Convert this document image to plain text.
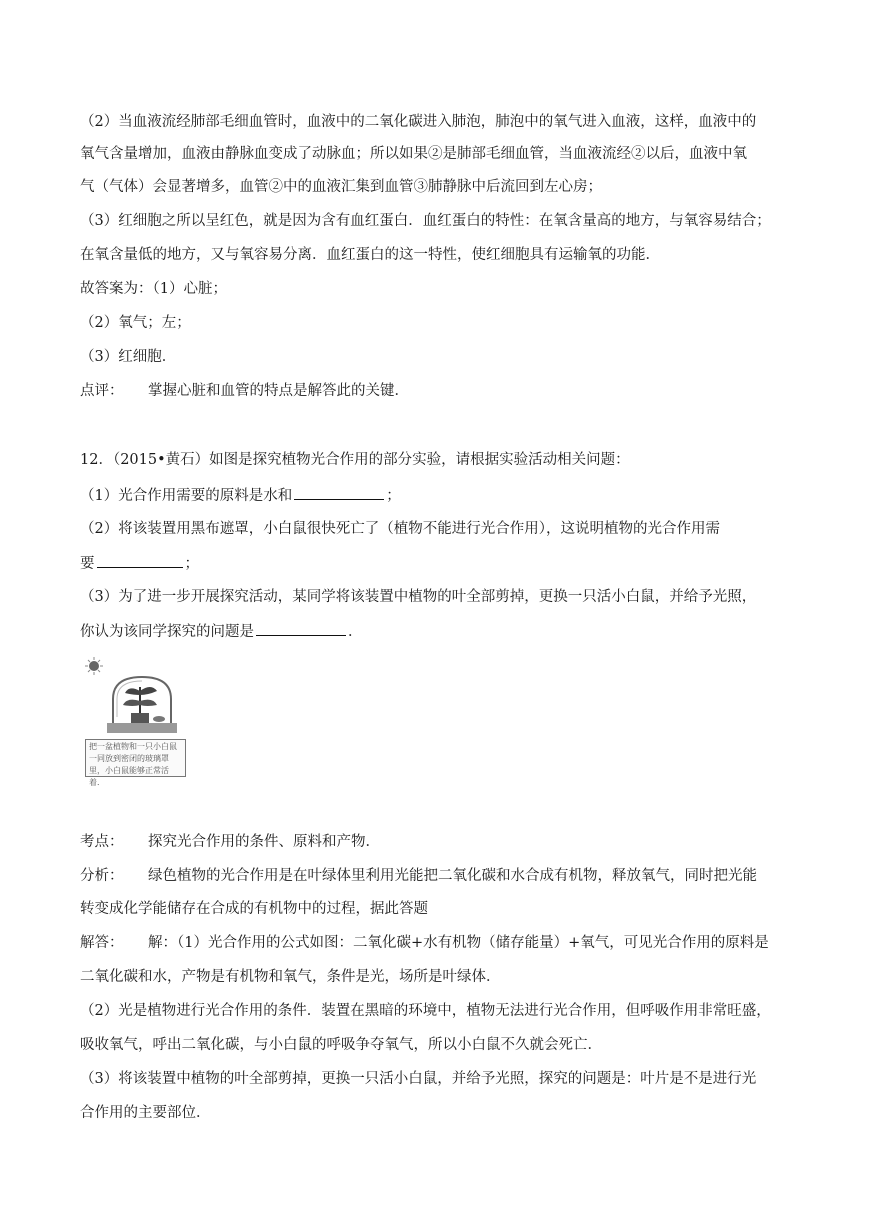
（2）当血液流经肺部毛细血管时，血液中的二氧化碳进入肺泡，肺泡中的氧气进入血液，这样，血液中的
氧气含量增加，血液由静脉血变成了动脉血；所以如果②是肺部毛细血管，当血液流经②以后，血液中氧
气（气体）会显著增多，血管②中的血液汇集到血管③肺静脉中后流回到左心房；
（3）红细胞之所以呈红色，就是因为含有血红蛋白．血红蛋白的特性：在氧含量高的地方，与氧容易结合；
在氧含量低的地方，又与氧容易分离．血红蛋白的这一特性，使红细胞具有运输氧的功能．
故答案为：（1）心脏；
（2）氧气；左；
（3）红细胞．
点评： 掌握心脏和血管的特点是解答此的关键．
12．（2015•黄石）如图是探究植物光合作用的部分实验，请根据实验活动相关问题：
（1）光合作用需要的原料是水和	；
（2）将该装置用黑布遮罩，小白鼠很快死亡了（植物不能进行光合作用），这说明植物的光合作用需
要	；
（3）为了进一步开展探究活动，某同学将该装置中植物的叶全部剪掉，更换一只活小白鼠，并给予光照，
你认为该同学探究的问题是	．
把一盆植物和一只小白鼠一同放到密闭的玻璃罩里，小白鼠能够正常活着．
考点： 探究光合作用的条件、原料和产物．
分析： 绿色植物的光合作用是在叶绿体里利用光能把二氧化碳和水合成有机物，释放氧气，同时把光能
转变成化学能储存在合成的有机物中的过程，据此答题
解答： 解：（1）光合作用的公式如图：二氧化碳+水有机物（储存能量）+氧气，可见光合作用的原料是
二氧化碳和水，产物是有机物和氧气，条件是光，场所是叶绿体．
（2）光是植物进行光合作用的条件．装置在黑暗的环境中，植物无法进行光合作用，但呼吸作用非常旺盛，
吸收氧气，呼出二氧化碳，与小白鼠的呼吸争夺氧气，所以小白鼠不久就会死亡．
（3）将该装置中植物的叶全部剪掉，更换一只活小白鼠，并给予光照，探究的问题是：叶片是不是进行光
合作用的主要部位．
